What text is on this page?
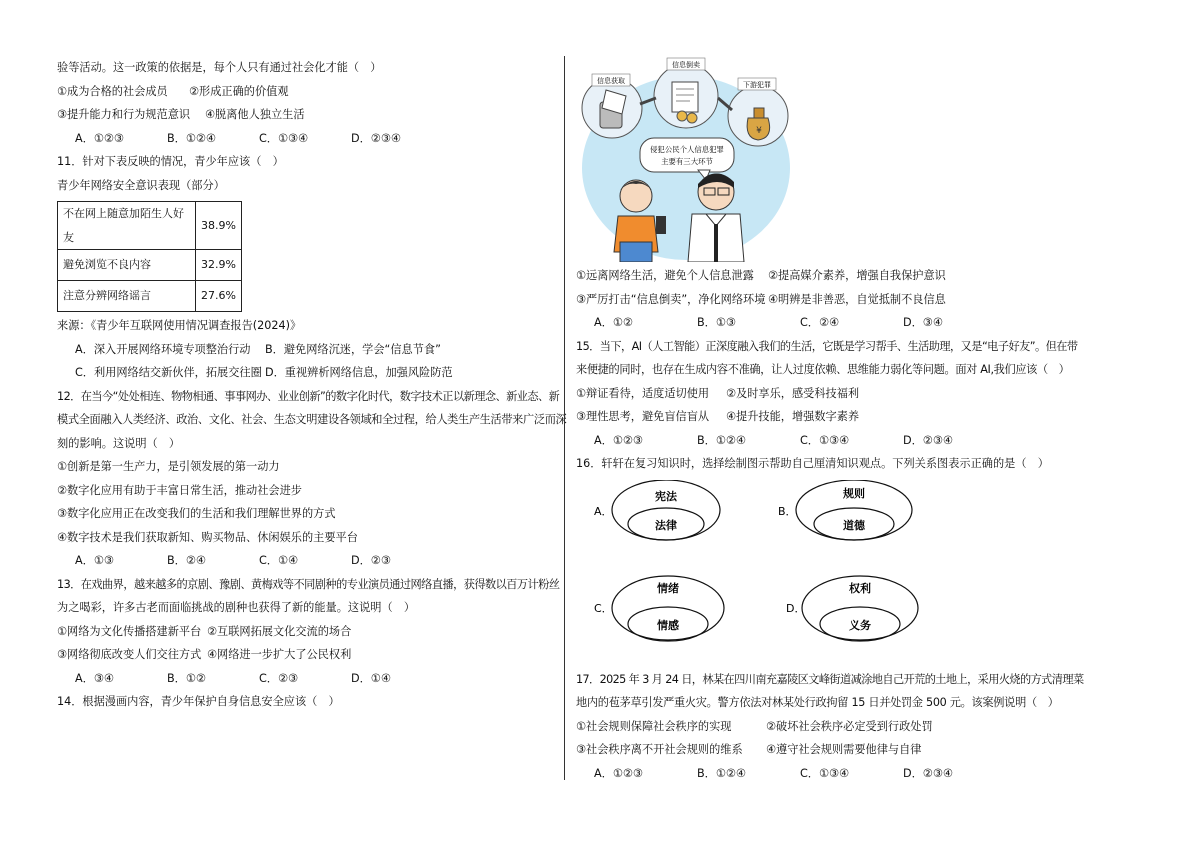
验等活动。这一政策的依据是，每个人只有通过社会化才能（　）
①成为合格的社会成员 ②形成正确的价值观
③提升能力和行为规范意识 ④脱离他人独立生活
A．①②③	B．①②④	C．①③④	D．②③④
11．针对下表反映的情况，青少年应该（　）
青少年网络安全意识表现（部分）
不在网上随意加陌生人好友	38.9%
避免浏览不良内容	32.9%
注意分辨网络谣言	27.6%
来源：《青少年互联网使用情况调查报告(2024)》
A．深入开展网络环境专项整治行动 B．避免网络沉迷，学会“信息节食”
C．利用网络结交新伙伴，拓展交往圈 D．重视辨析网络信息，加强风险防范
12．在当今“处处相连、物物相通、事事网办、业业创新”的数字化时代，数字技术正以新理念、新业态、新
模式全面融入人类经济、政治、文化、社会、生态文明建设各领域和全过程，给人类生产生活带来广泛而深
刻的影响。这说明（　）
①创新是第一生产力，是引领发展的第一动力
②数字化应用有助于丰富日常生活，推动社会进步
③数字化应用正在改变我们的生活和我们理解世界的方式
④数字技术是我们获取新知、购买物品、休闲娱乐的主要平台
A．①③	B．②④	C．①④	D．②③
13．在戏曲界，越来越多的京剧、豫剧、黄梅戏等不同剧种的专业演员通过网络直播，获得数以百万计粉丝
为之喝彩，许多古老而面临挑战的剧种也获得了新的能量。这说明（　）
①网络为文化传播搭建新平台 ②互联网拓展文化交流的场合
③网络彻底改变人们交往方式 ④网络进一步扩大了公民权利
A．③④	B．①②	C．②③	D．①④
14．根据漫画内容，青少年保护自身信息安全应该（　）
¥
信息获取
信息倒卖
下游犯罪
侵犯公民个人信息犯罪
主要有三大环节
①远离网络生活，避免个人信息泄露 ②提高媒介素养，增强自我保护意识
③严厉打击“信息倒卖”，净化网络环境 ④明辨是非善恶，自觉抵制不良信息
A．①②	B．①③	C．②④	D．③④
15．当下，AI（人工智能）正深度融入我们的生活，它既是学习帮手、生活助理，又是“电子好友”。但在带
来便捷的同时，也存在生成内容不准确，让人过度依赖、思维能力弱化等问题。面对 AI,我们应该（　）
①辩证看待，适度适切使用 ②及时享乐，感受科技福利
③理性思考，避免盲信盲从 ④提升技能，增强数字素养
A．①②③	B．①②④	C．①③④	D．②③④
16．轩轩在复习知识时，选择绘制图示帮助自己厘清知识观点。下列关系图表示正确的是（　）
A．
宪法
法律
B．
规则
道德
C．
情绪
情感
D．
权利
义务
17．2025 年 3 月 24 日，林某在四川南充嘉陵区文峰街道减涂地自己开荒的土地上，采用火烧的方式清理菜
地内的苞茅草引发严重火灾。警方依法对林某处行政拘留 15 日并处罚金 500 元。该案例说明（　）
①社会规则保障社会秩序的实现	②破坏社会秩序必定受到行政处罚
③社会秩序离不开社会规则的维系 ④遵守社会规则需要他律与自律
A．①②③	B．①②④	C．①③④	D．②③④
